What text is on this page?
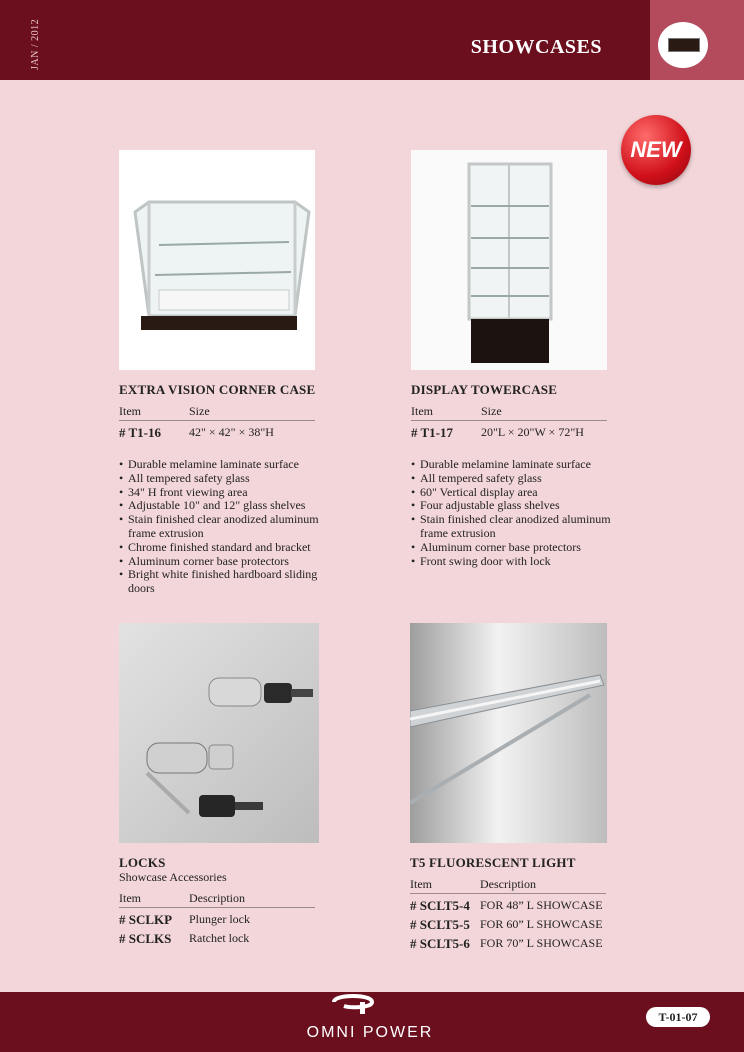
JAN / 2012	SHOWCASES
NEW
EXTRA VISION CORNER CASE
Item	Size
# T1-16 42" × 42" × 38"H
• Durable melamine laminate surface
• All tempered safety glass
• 34" H front viewing area
• Adjustable 10" and 12" glass shelves
• Stain finished clear anodized aluminum frame extrusion
• Chrome finished standard and bracket
• Aluminum corner base protectors
• Bright white finished hardboard sliding doors
DISPLAY TOWERCASE
Item	Size
# T1-17 20"L × 20"W × 72"H
• Durable melamine laminate surface
• All tempered safety glass
• 60" Vertical display area
• Four adjustable glass shelves
• Stain finished clear anodized aluminum frame extrusion
• Aluminum corner base protectors
• Front swing door with lock
LOCKS
Showcase Accessories
Item	Description
# SCLKP Plunger lock
# SCLKS Ratchet lock
T5 FLUORESCENT LIGHT
Item	Description
# SCLT5-4 FOR 48” L SHOWCASE
# SCLT5-5 FOR 60” L SHOWCASE
# SCLT5-6 FOR 70” L SHOWCASE
OMNI POWER
T-01-07
